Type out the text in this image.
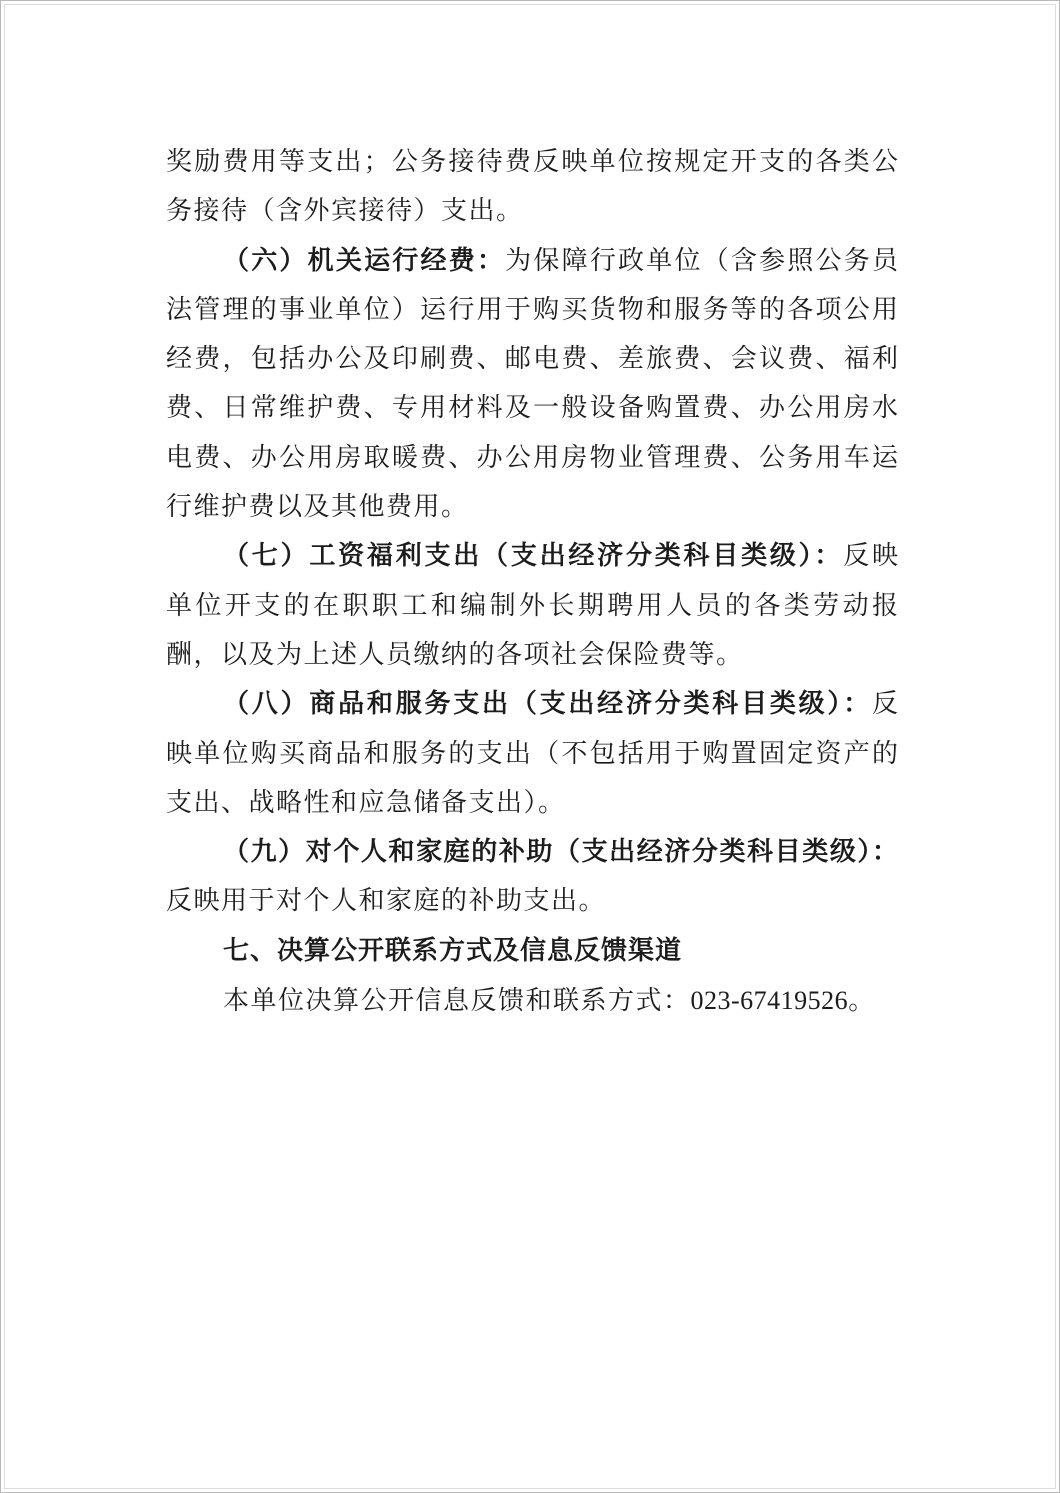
奖励费用等支出；公务接待费反映单位按规定开支的各类公
务接待（含外宾接待）支出。
（六）机关运行经费：为保障行政单位（含参照公务员
法管理的事业单位）运行用于购买货物和服务等的各项公用
经费，包括办公及印刷费、邮电费、差旅费、会议费、福利
费、日常维护费、专用材料及一般设备购置费、办公用房水
电费、办公用房取暖费、办公用房物业管理费、公务用车运
行维护费以及其他费用。
（七）工资福利支出（支出经济分类科目类级）：反映
单位开支的在职职工和编制外长期聘用人员的各类劳动报
酬，以及为上述人员缴纳的各项社会保险费等。
（八）商品和服务支出（支出经济分类科目类级）：反
映单位购买商品和服务的支出（不包括用于购置固定资产的
支出、战略性和应急储备支出）。
（九）对个人和家庭的补助（支出经济分类科目类级）：
反映用于对个人和家庭的补助支出。
七、决算公开联系方式及信息反馈渠道
本单位决算公开信息反馈和联系方式：023-67419526。
